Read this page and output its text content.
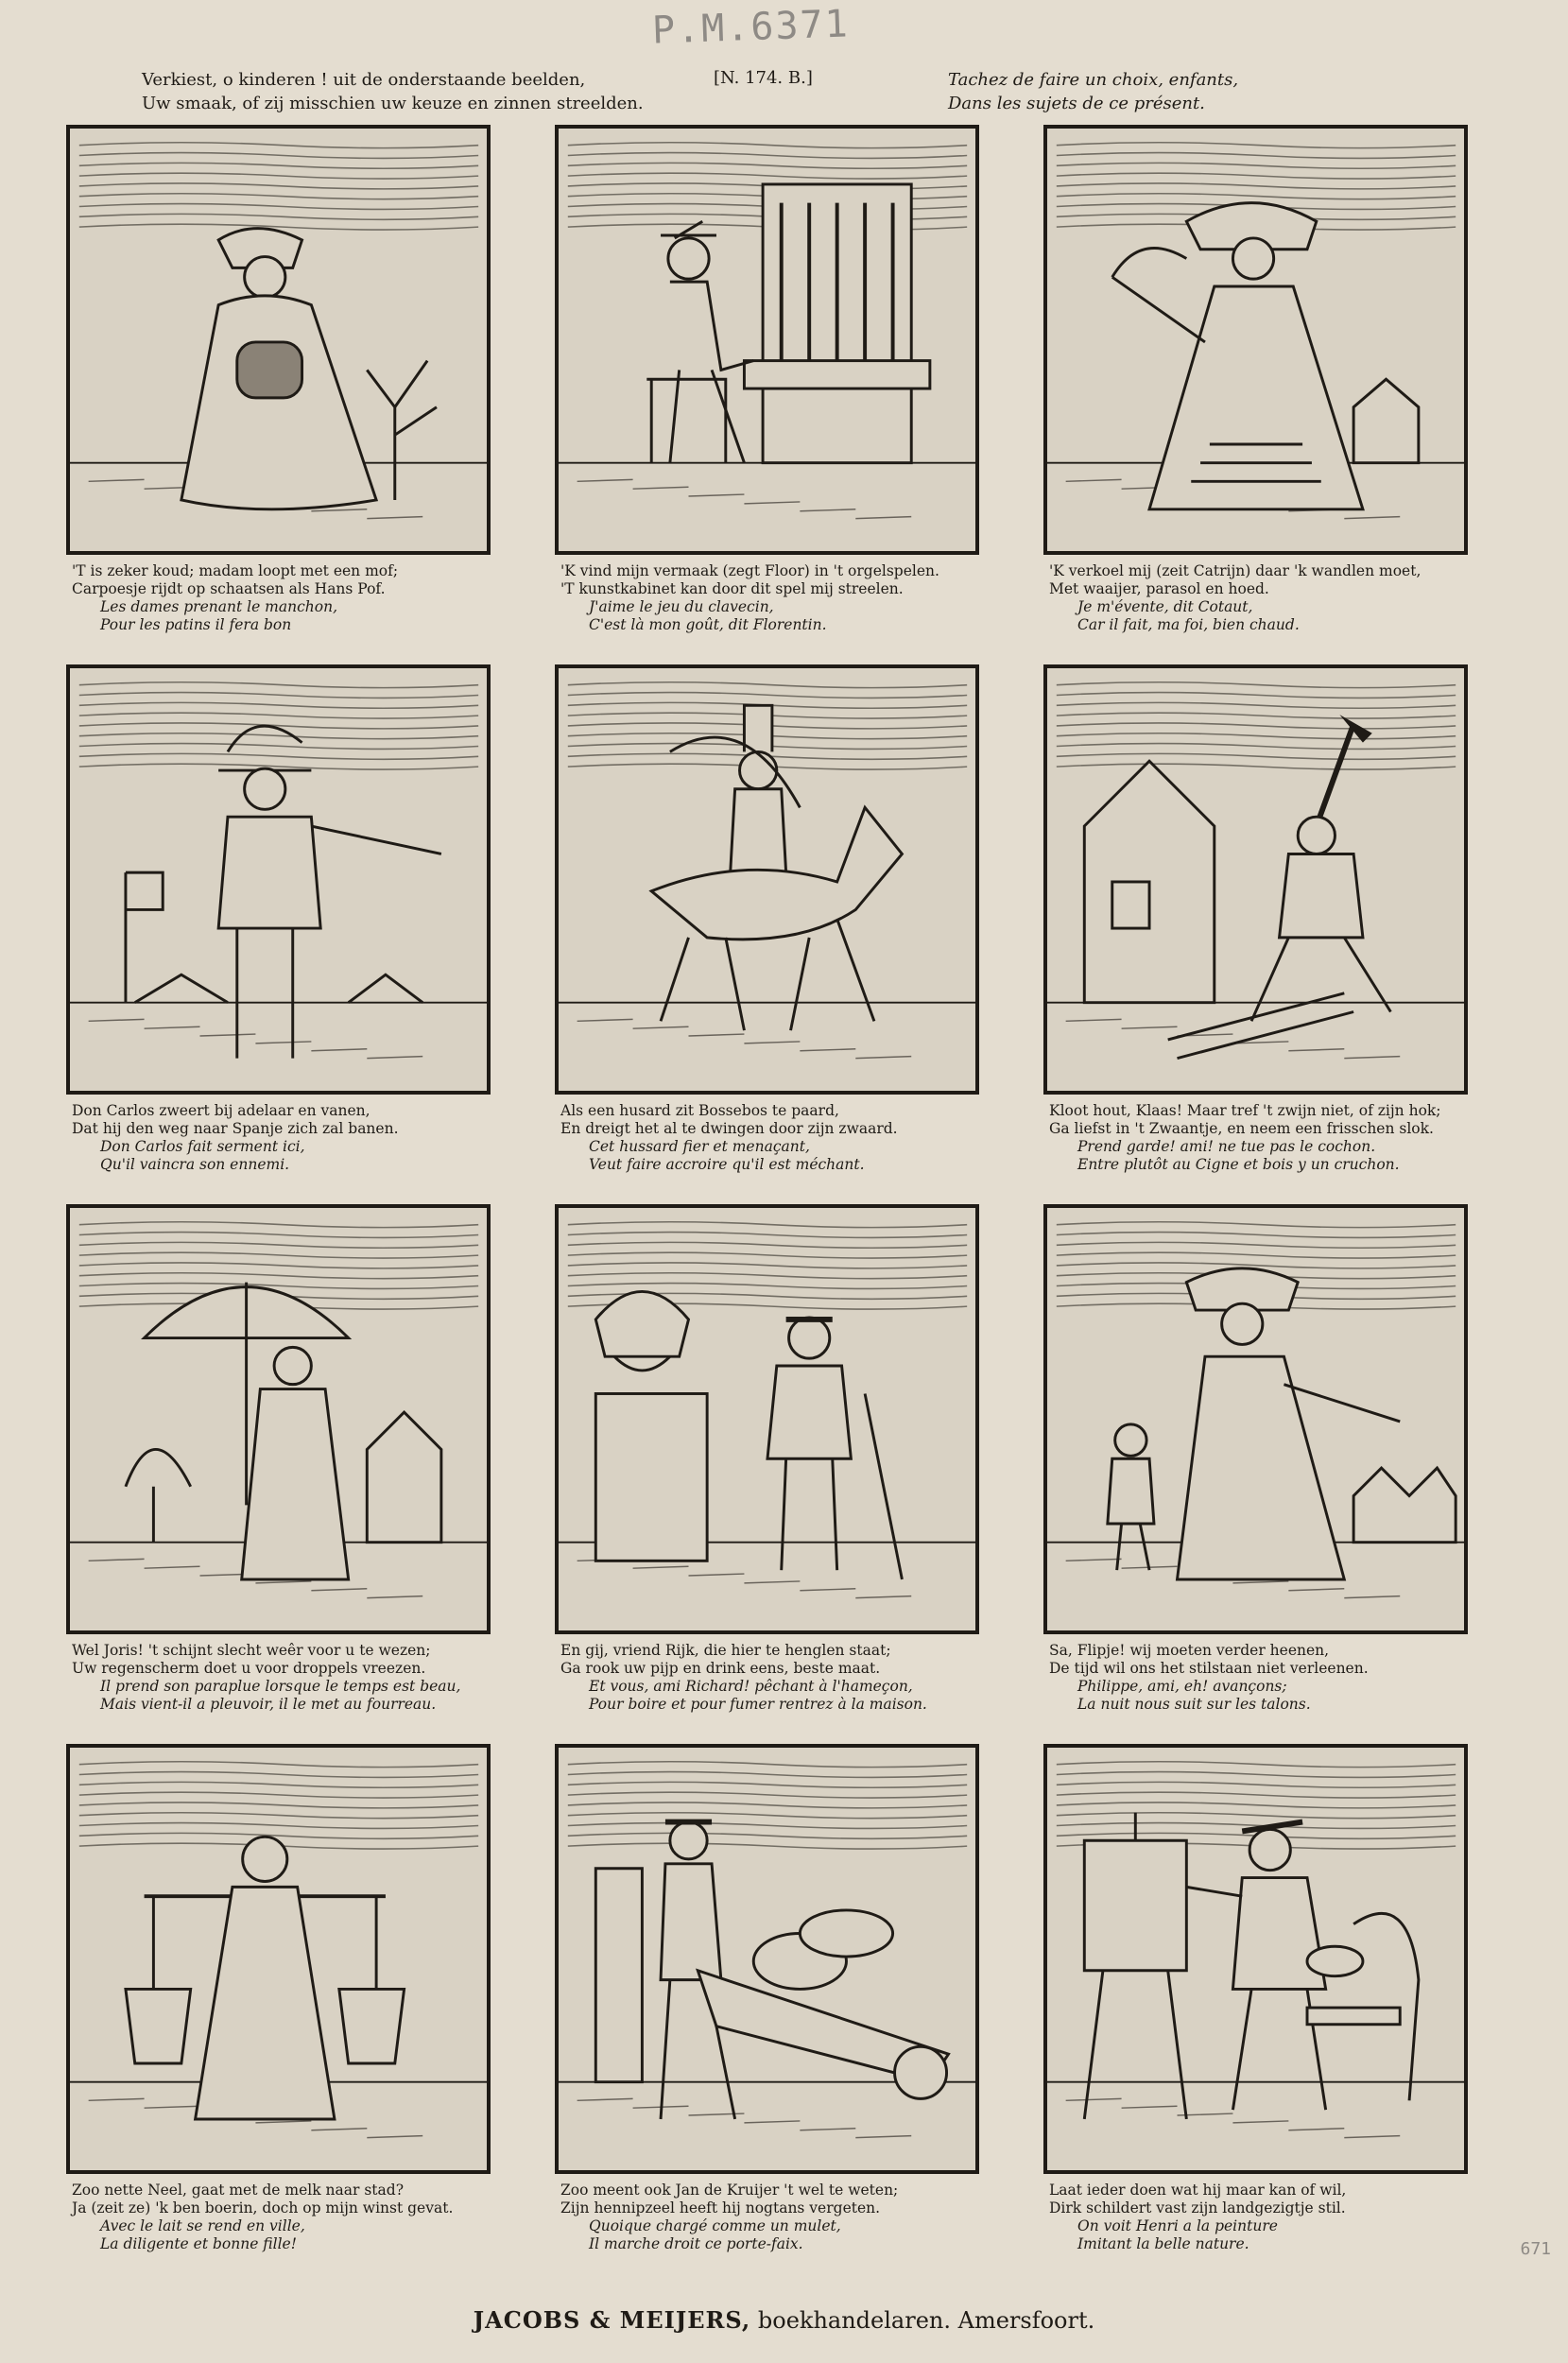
P.M.6371
Verkiest, o kinderen ! uit de onderstaande beelden,
Uw smaak, of zij misschien uw keuze en zinnen streelden.
[N. 174. B.]	Tachez de faire un choix, enfants,
Dans les sujets de ce présent.
'T is zeker koud; madam loopt met een mof;
Carpoesje rijdt op schaatsen als Hans Pof.
Les dames prenant le manchon,
Pour les patins il fera bon
'K vind mijn vermaak (zegt Floor) in 't orgelspelen.
'T kunstkabinet kan door dit spel mij streelen.
J'aime le jeu du clavecin,
C'est là mon goût, dit Florentin.
'K verkoel mij (zeit Catrijn) daar 'k wandlen moet,
Met waaijer, parasol en hoed.
Je m'évente, dit Cotaut,
Car il fait, ma foi, bien chaud.
Don Carlos zweert bij adelaar en vanen,
Dat hij den weg naar Spanje zich zal banen.
Don Carlos fait serment ici,
Qu'il vaincra son ennemi.
Als een husard zit Bossebos te paard,
En dreigt het al te dwingen door zijn zwaard.
Cet hussard fier et menaçant,
Veut faire accroire qu'il est méchant.
Kloot hout, Klaas! Maar tref 't zwijn niet, of zijn hok;
Ga liefst in 't Zwaantje, en neem een frisschen slok.
Prend garde! ami! ne tue pas le cochon.
Entre plutôt au Cigne et bois y un cruchon.
Wel Joris! 't schijnt slecht weêr voor u te wezen;
Uw regenscherm doet u voor droppels vreezen.
Il prend son paraplue lorsque le temps est beau,
Mais vient-il a pleuvoir, il le met au fourreau.
En gij, vriend Rijk, die hier te henglen staat;
Ga rook uw pijp en drink eens, beste maat.
Et vous, ami Richard! pêchant à l'hameçon,
Pour boire et pour fumer rentrez à la maison.
Sa, Flipje! wij moeten verder heenen,
De tijd wil ons het stilstaan niet verleenen.
Philippe, ami, eh! avançons;
La nuit nous suit sur les talons.
Zoo nette Neel, gaat met de melk naar stad?
Ja (zeit ze) 'k ben boerin, doch op mijn winst gevat.
Avec le lait se rend en ville,
La diligente et bonne fille!
Zoo meent ook Jan de Kruijer 't wel te weten;
Zijn hennipzeel heeft hij nogtans vergeten.
Quoique chargé comme un mulet,
Il marche droit ce porte-faix.
Laat ieder doen wat hij maar kan of wil,
Dirk schildert vast zijn landgezigtje stil.
On voit Henri a la peinture
Imitant la belle nature.	671
JACOBS & MEIJERS, boekhandelaren. Amersfoort.
